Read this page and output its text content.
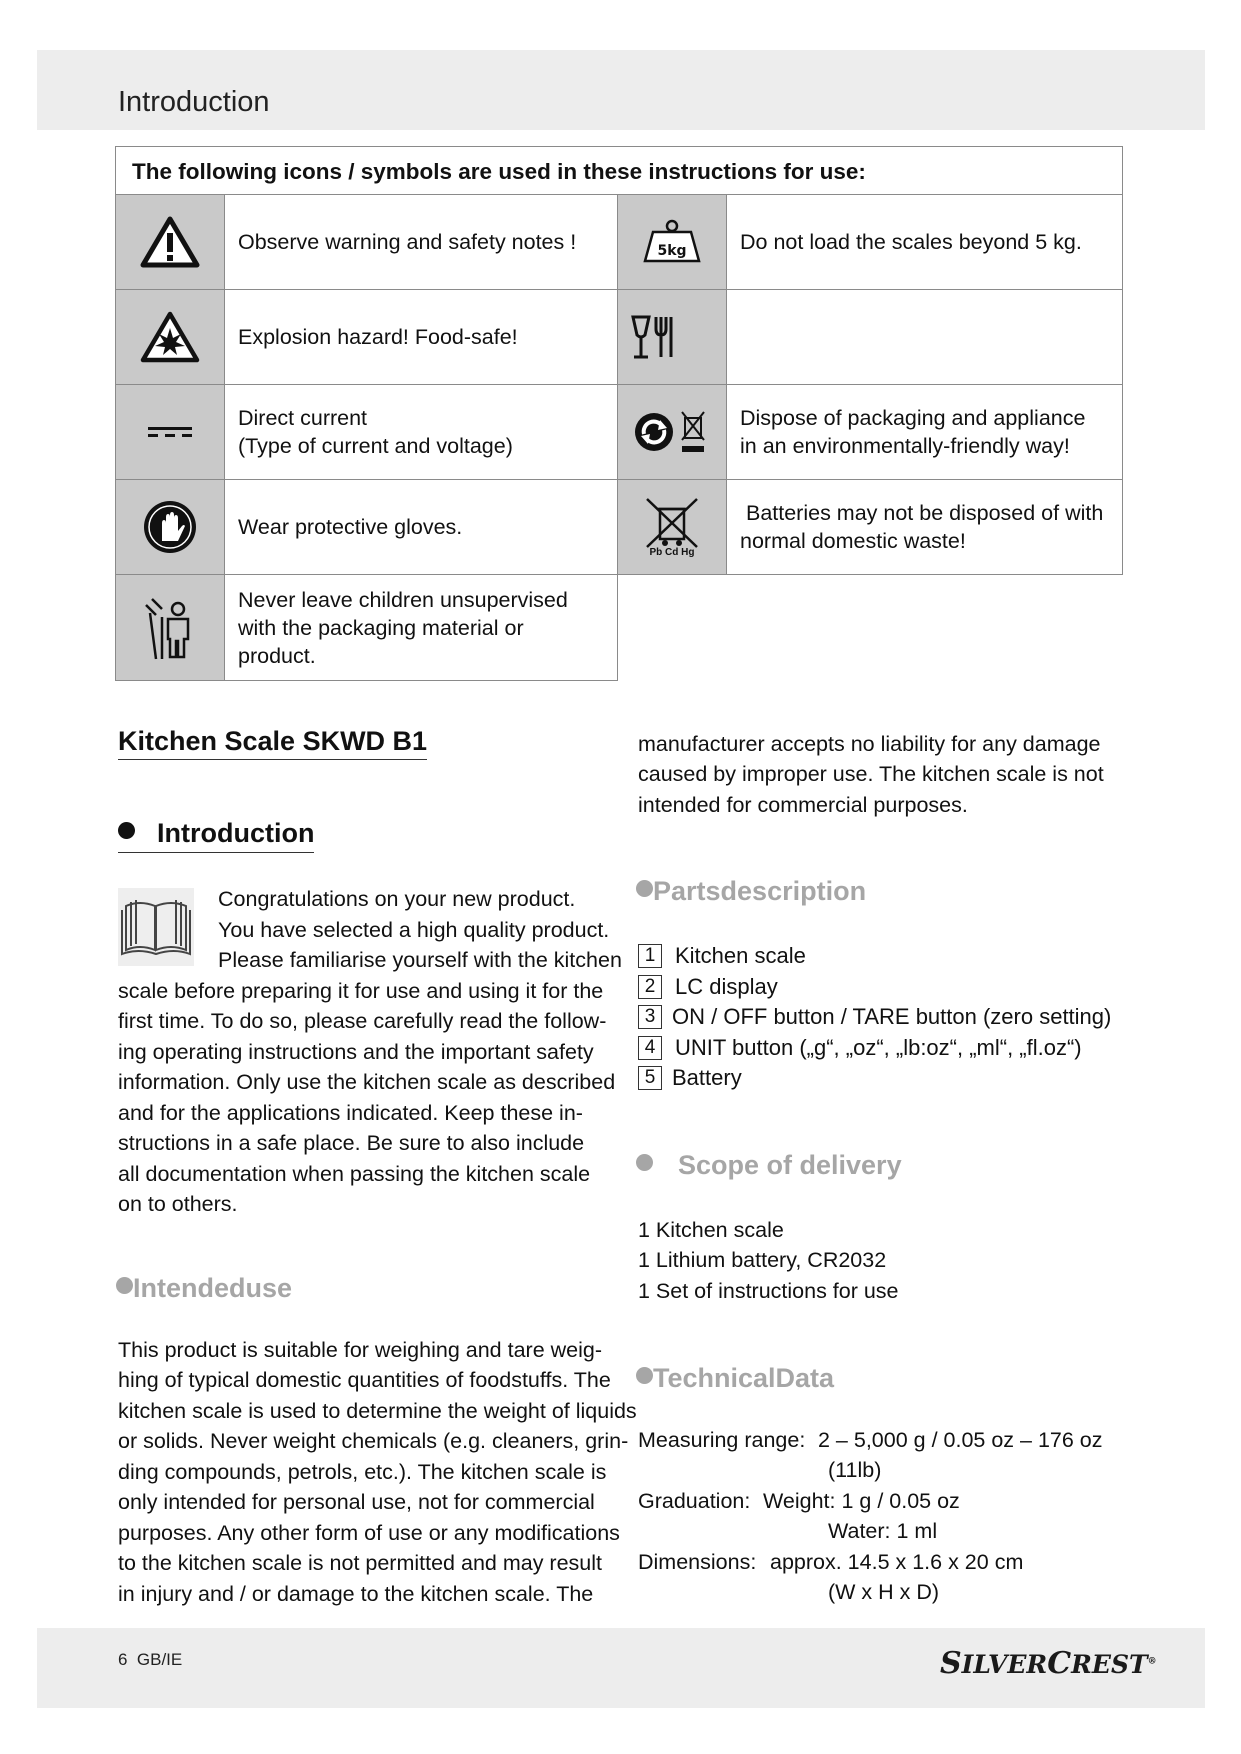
Introduction
The following icons / symbols are used in these instructions for use:
Observe warning and safety notes !	5kg Do not load the scales beyond 5 kg.
Explosion hazard! Food-safe!
Direct current
(Type of current and voltage)
Dispose of packaging and appliance
in an environmentally-friendly way!
Wear protective gloves.
Pb Cd Hg
Batteries may not be disposed of with
normal domestic waste!
Never leave children unsupervised
with the packaging material or
product.
Kitchen Scale SKWD B1
Introduction
Congratulations on your new product.
You have selected a high quality product.
Please familiarise yourself with the kitchen
scale before preparing it for use and using it for the
first time. To do so, please carefully read the follow-
ing operating instructions and the important safety
information. Only use the kitchen scale as described
and for the applications indicated. Keep these in-
structions in a safe place. Be sure to also include
all documentation when passing the kitchen scale
on to others.
Intendeduse
This product is suitable for weighing and tare weig-
hing of typical domestic quantities of foodstuffs. The
kitchen scale is used to determine the weight of liquids
or solids. Never weight chemicals (e.g. cleaners, grin-
ding compounds, petrols, etc.). The kitchen scale is
only intended for personal use, not for commercial
purposes. Any other form of use or any modifications
to the kitchen scale is not permitted and may result
in injury and / or damage to the kitchen scale. The
manufacturer accepts no liability for any damage
caused by improper use. The kitchen scale is not
intended for commercial purposes.
Partsdescription
1 Kitchen scale
2 LC display
3 ON / OFF button / TARE button (zero setting)
4 UNIT button („g“, „oz“, „lb:oz“, „ml“, „fl.oz“)
5 Battery
Scope of delivery
1 Kitchen scale
1 Lithium battery, CR2032
1 Set of instructions for use
TechnicalData
Measuring range: 2 – 5,000 g / 0.05 oz – 176 oz
(11lb)
Graduation: Weight: 1 g / 0.05 oz
Water: 1 ml
Dimensions: approx. 14.5 x 1.6 x 20 cm
(W x H x D)
6  GB/IE	SILVERCREST®
